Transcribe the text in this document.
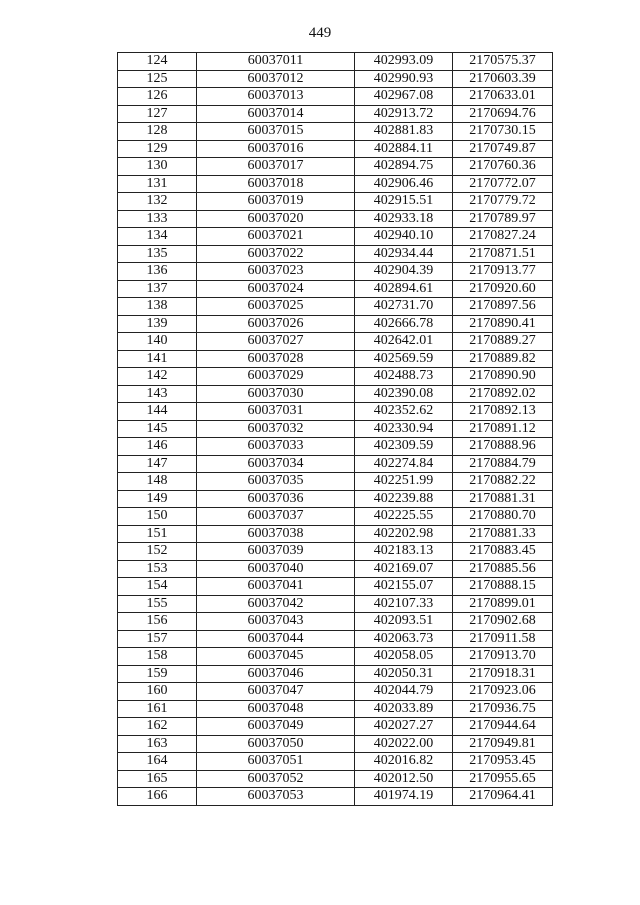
449
124	60037011	402993.09	2170575.37
125	60037012	402990.93	2170603.39
126	60037013	402967.08	2170633.01
127	60037014	402913.72	2170694.76
128	60037015	402881.83	2170730.15
129	60037016	402884.11	2170749.87
130	60037017	402894.75	2170760.36
131	60037018	402906.46	2170772.07
132	60037019	402915.51	2170779.72
133	60037020	402933.18	2170789.97
134	60037021	402940.10	2170827.24
135	60037022	402934.44	2170871.51
136	60037023	402904.39	2170913.77
137	60037024	402894.61	2170920.60
138	60037025	402731.70	2170897.56
139	60037026	402666.78	2170890.41
140	60037027	402642.01	2170889.27
141	60037028	402569.59	2170889.82
142	60037029	402488.73	2170890.90
143	60037030	402390.08	2170892.02
144	60037031	402352.62	2170892.13
145	60037032	402330.94	2170891.12
146	60037033	402309.59	2170888.96
147	60037034	402274.84	2170884.79
148	60037035	402251.99	2170882.22
149	60037036	402239.88	2170881.31
150	60037037	402225.55	2170880.70
151	60037038	402202.98	2170881.33
152	60037039	402183.13	2170883.45
153	60037040	402169.07	2170885.56
154	60037041	402155.07	2170888.15
155	60037042	402107.33	2170899.01
156	60037043	402093.51	2170902.68
157	60037044	402063.73	2170911.58
158	60037045	402058.05	2170913.70
159	60037046	402050.31	2170918.31
160	60037047	402044.79	2170923.06
161	60037048	402033.89	2170936.75
162	60037049	402027.27	2170944.64
163	60037050	402022.00	2170949.81
164	60037051	402016.82	2170953.45
165	60037052	402012.50	2170955.65
166	60037053	401974.19	2170964.41
